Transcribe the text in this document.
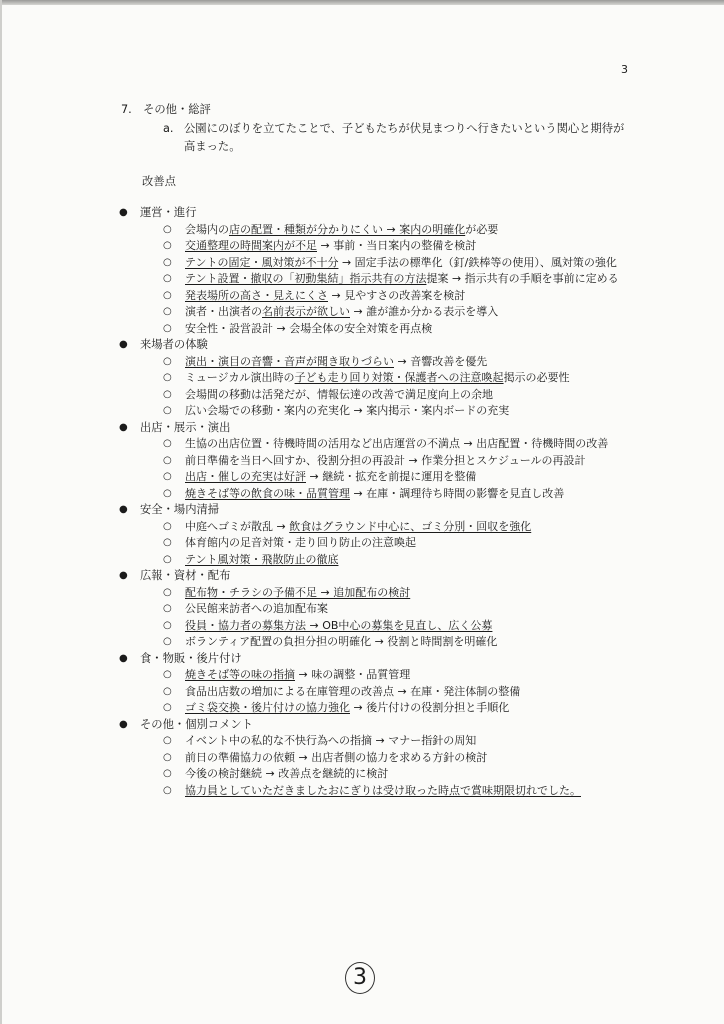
3
7.　その他・総評
a. 公園にのぼりを立てたことで、子どもたちが伏見まつりへ行きたいという関心と期待が高まった。
改善点
● 運営・進行
○ 会場内の店の配置・種類が分かりにくい → 案内の明確化が必要
○ 交通整理の時間案内が不足 → 事前・当日案内の整備を検討
○ テントの固定・風対策が不十分 → 固定手法の標準化（釘/鉄棒等の使用）、風対策の強化
○ テント設置・撤収の「初動集結」指示共有の方法提案 → 指示共有の手順を事前に定める
○ 発表場所の高さ・見えにくさ → 見やすさの改善案を検討
○ 演者・出演者の名前表示が欲しい → 誰が誰か分かる表示を導入
○ 安全性・設営設計 → 会場全体の安全対策を再点検
● 来場者の体験
○ 演出・演目の音響・音声が聞き取りづらい → 音響改善を優先
○ ミュージカル演出時の子ども走り回り対策・保護者への注意喚起掲示の必要性
○ 会場間の移動は活発だが、情報伝達の改善で満足度向上の余地
○ 広い会場での移動・案内の充実化 → 案内掲示・案内ボードの充実
● 出店・展示・演出
○ 生協の出店位置・待機時間の活用など出店運営の不満点 → 出店配置・待機時間の改善
○ 前日準備を当日へ回すか、役割分担の再設計 → 作業分担とスケジュールの再設計
○ 出店・催しの充実は好評 → 継続・拡充を前提に運用を整備
○ 焼きそば等の飲食の味・品質管理 → 在庫・調理待ち時間の影響を見直し改善
● 安全・場内清掃
○ 中庭へゴミが散乱 → 飲食はグラウンド中心に、ゴミ分別・回収を強化
○ 体育館内の足音対策・走り回り防止の注意喚起
○ テント風対策・飛散防止の徹底
● 広報・資材・配布
○ 配布物・チラシの予備不足 → 追加配布の検討
○ 公民館来訪者への追加配布案
○ 役員・協力者の募集方法 → OB中心の募集を見直し、広く公募
○ ボランティア配置の負担分担の明確化 → 役割と時間割を明確化
● 食・物販・後片付け
○ 焼きそば等の味の指摘 → 味の調整・品質管理
○ 食品出店数の増加による在庫管理の改善点 → 在庫・発注体制の整備
○ ゴミ袋交換・後片付けの協力強化 → 後片付けの役割分担と手順化
● その他・個別コメント
○ イベント中の私的な不快行為への指摘 → マナー指針の周知
○ 前日の準備協力の依頼 → 出店者側の協力を求める方針の検討
○ 今後の検討継続 → 改善点を継続的に検討
○ 協力員としていただきましたおにぎりは受け取った時点で賞味期限切れでした。
3
